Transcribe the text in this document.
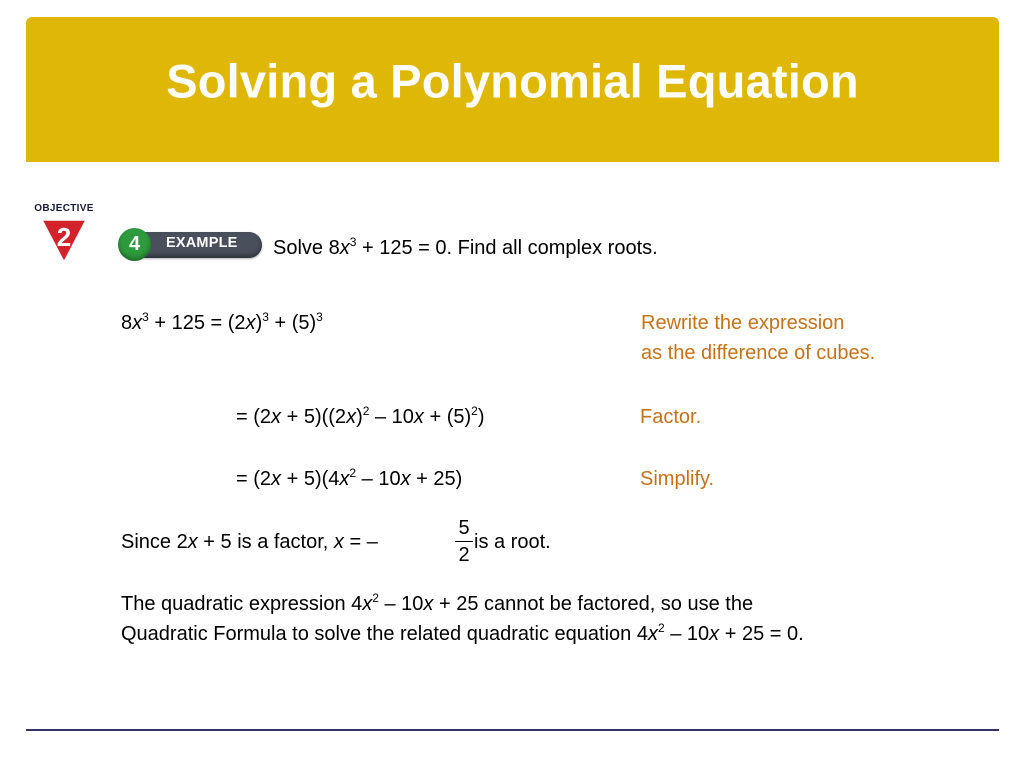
Solving a Polynomial Equation
OBJECTIVE
2	EXAMPLE
4	Solve $8x^3 + 125 = 0$. Find all complex roots.
$8x^3 + 125 = (2x)^3 + (5)^3$	Rewrite the expression
as the difference of cubes.
= $(2x + 5)((2x)^2 - 10x + (5)^2)$	Factor.
= $(2x + 5)(4x^2 - 10x + 25)$	Simplify.
Since 2x + 5 is a factor, x = –
5
2
is a root.
The quadratic expression $4x^2 - 10x + 25$ cannot be factored, so use the
Quadratic Formula to solve the related quadratic equation $4x^2 - 10x + 25 = 0$.
